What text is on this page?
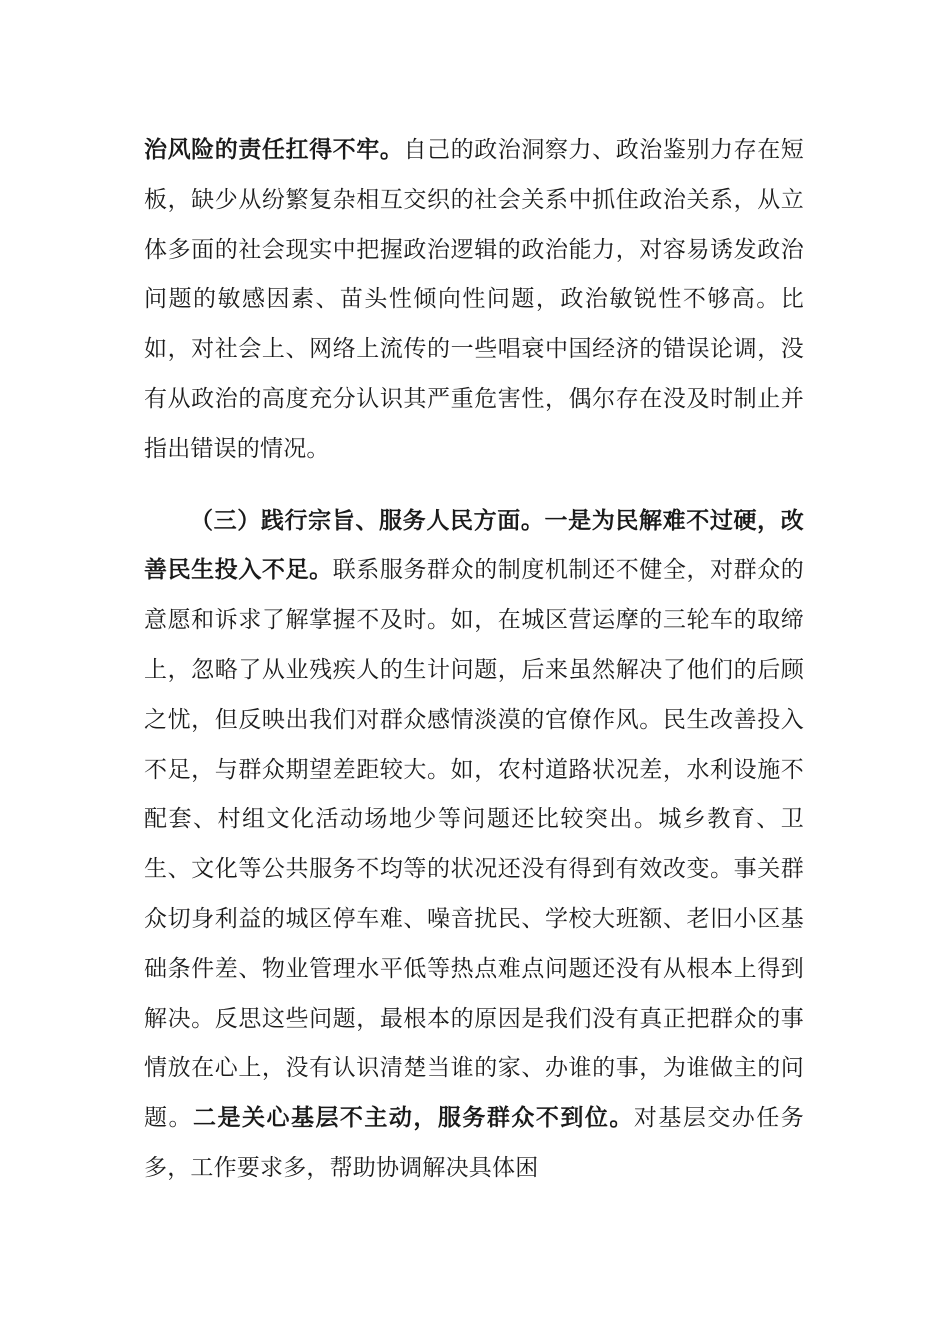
治风险的责任扛得不牢。自己的政治洞察力、政治鉴别力存在短板，缺少从纷繁复杂相互交织的社会关系中抓住政治关系，从立体多面的社会现实中把握政治逻辑的政治能力，对容易诱发政治问题的敏感因素、苗头性倾向性问题，政治敏锐性不够高。比如，对社会上、网络上流传的一些唱衰中国经济的错误论调，没有从政治的高度充分认识其严重危害性，偶尔存在没及时制止并指出错误的情况。

（三）践行宗旨、服务人民方面。一是为民解难不过硬，改善民生投入不足。联系服务群众的制度机制还不健全，对群众的意愿和诉求了解掌握不及时。如，在城区营运摩的三轮车的取缔上，忽略了从业残疾人的生计问题，后来虽然解决了他们的后顾之忧，但反映出我们对群众感情淡漠的官僚作风。民生改善投入不足，与群众期望差距较大。如，农村道路状况差，水利设施不配套、村组文化活动场地少等问题还比较突出。城乡教育、卫生、文化等公共服务不均等的状况还没有得到有效改变。事关群众切身利益的城区停车难、噪音扰民、学校大班额、老旧小区基础条件差、物业管理水平低等热点难点问题还没有从根本上得到解决。反思这些问题，最根本的原因是我们没有真正把群众的事情放在心上，没有认识清楚当谁的家、办谁的事，为谁做主的问题。二是关心基层不主动，服务群众不到位。对基层交办任务多，工作要求多，帮助协调解决具体困
